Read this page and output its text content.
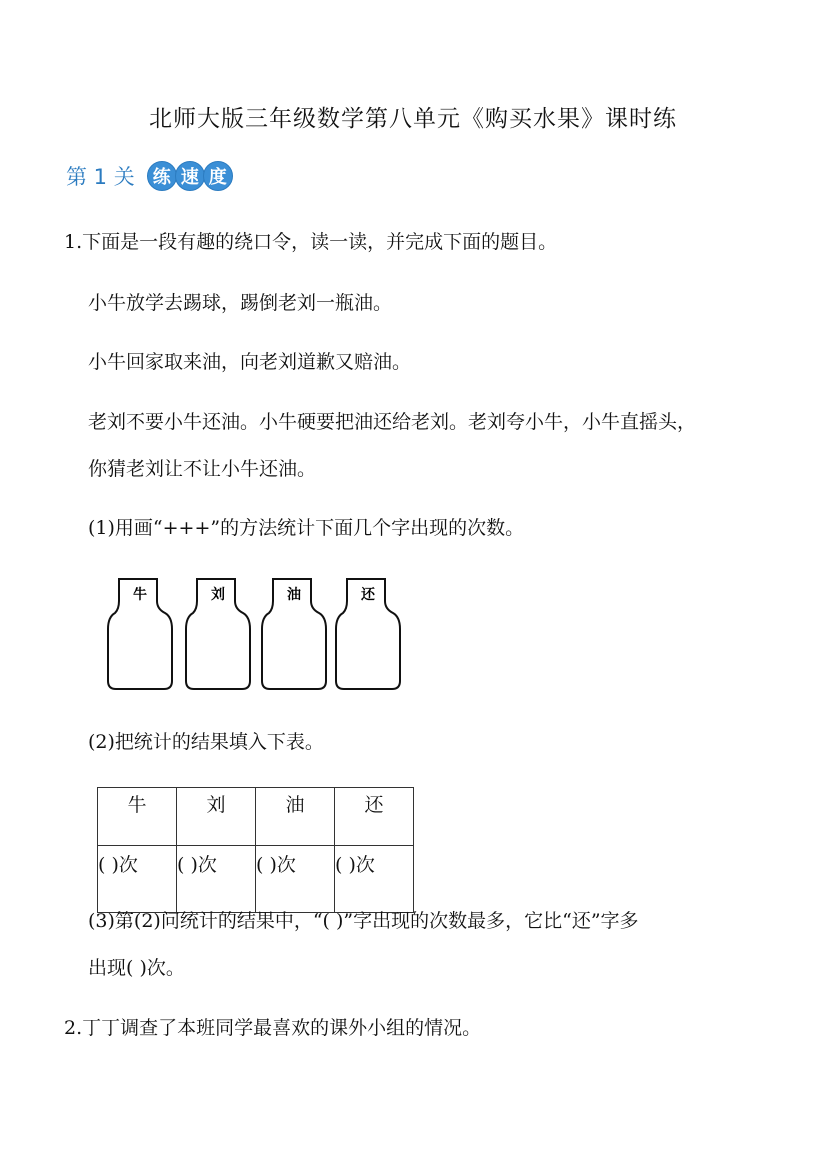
北师大版三年级数学第八单元《购买水果》课时练
第 1 关	练 速 度
1.下面是一段有趣的绕口令，读一读，并完成下面的题目。
小牛放学去踢球，踢倒老刘一瓶油。
小牛回家取来油，向老刘道歉又赔油。
老刘不要小牛还油。小牛硬要把油还给老刘。老刘夸小牛，小牛直摇头，
你猜老刘让不让小牛还油。
(1)用画“+++”的方法统计下面几个字出现的次数。
牛	刘	油	还
(2)把统计的结果填入下表。
牛	刘	油	还
( )次	( )次	( )次	( )次
(3)第(2)问统计的结果中，“( )”字出现的次数最多，它比“还”字多
出现( )次。
2.丁丁调查了本班同学最喜欢的课外小组的情况。
